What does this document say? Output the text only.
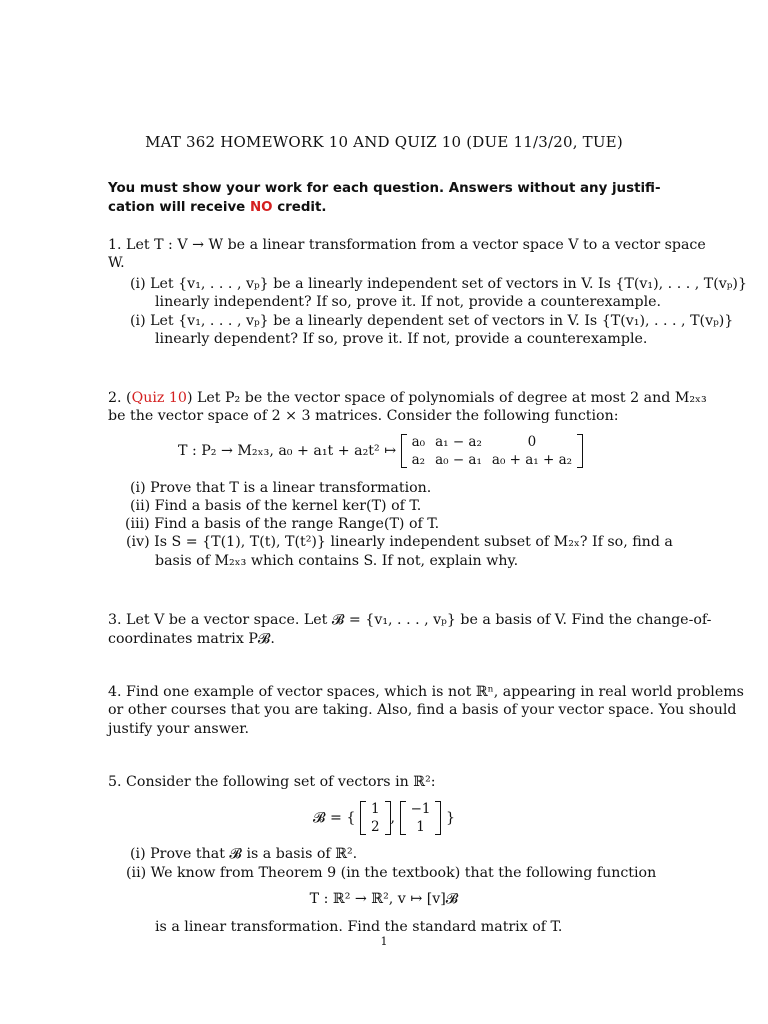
MAT 362 HOMEWORK 10 AND QUIZ 10 (DUE 11/3/20, TUE)
You must show your work for each question. Answers without any justifi-
cation will receive NO credit.
1. Let T : V → W be a linear transformation from a vector space V to a vector space
W.
(i) Let {v₁, . . . , vₚ} be a linearly independent set of vectors in V. Is {T(v₁), . . . , T(vₚ)}
linearly independent? If so, prove it. If not, provide a counterexample.
(i) Let {v₁, . . . , vₚ} be a linearly dependent set of vectors in V. Is {T(v₁), . . . , T(vₚ)}
linearly dependent? If so, prove it. If not, provide a counterexample.
2. (Quiz 10) Let P₂ be the vector space of polynomials of degree at most 2 and M₂ₓ₃
be the vector space of 2 × 3 matrices. Consider the following function:
T : P₂ → M₂ₓ₃, a₀ + a₁t + a₂t² ↦
a₀	a₁ − a₂	0
a₂	a₀ − a₁	a₀ + a₁ + a₂
(i) Prove that T is a linear transformation.
(ii) Find a basis of the kernel ker(T) of T.
(iii) Find a basis of the range Range(T) of T.
(iv) Is S = {T(1), T(t), T(t²)} linearly independent subset of M₂ₓ? If so, find a
basis of M₂ₓ₃ which contains S. If not, explain why.
3. Let V be a vector space. Let 𝓑 = {v₁, . . . , vₚ} be a basis of V. Find the change-of-
coordinates matrix P𝓑.
4. Find one example of vector spaces, which is not ℝⁿ, appearing in real world problems
or other courses that you are taking. Also, find a basis of your vector space. You should
justify your answer.
5. Consider the following set of vectors in ℝ²:
𝓑 = {
1
2
,
−1
1
}
(i) Prove that 𝓑 is a basis of ℝ².
(ii) We know from Theorem 9 (in the textbook) that the following function
T : ℝ² → ℝ², v ↦ [v]𝓑
is a linear transformation. Find the standard matrix of T.
1
